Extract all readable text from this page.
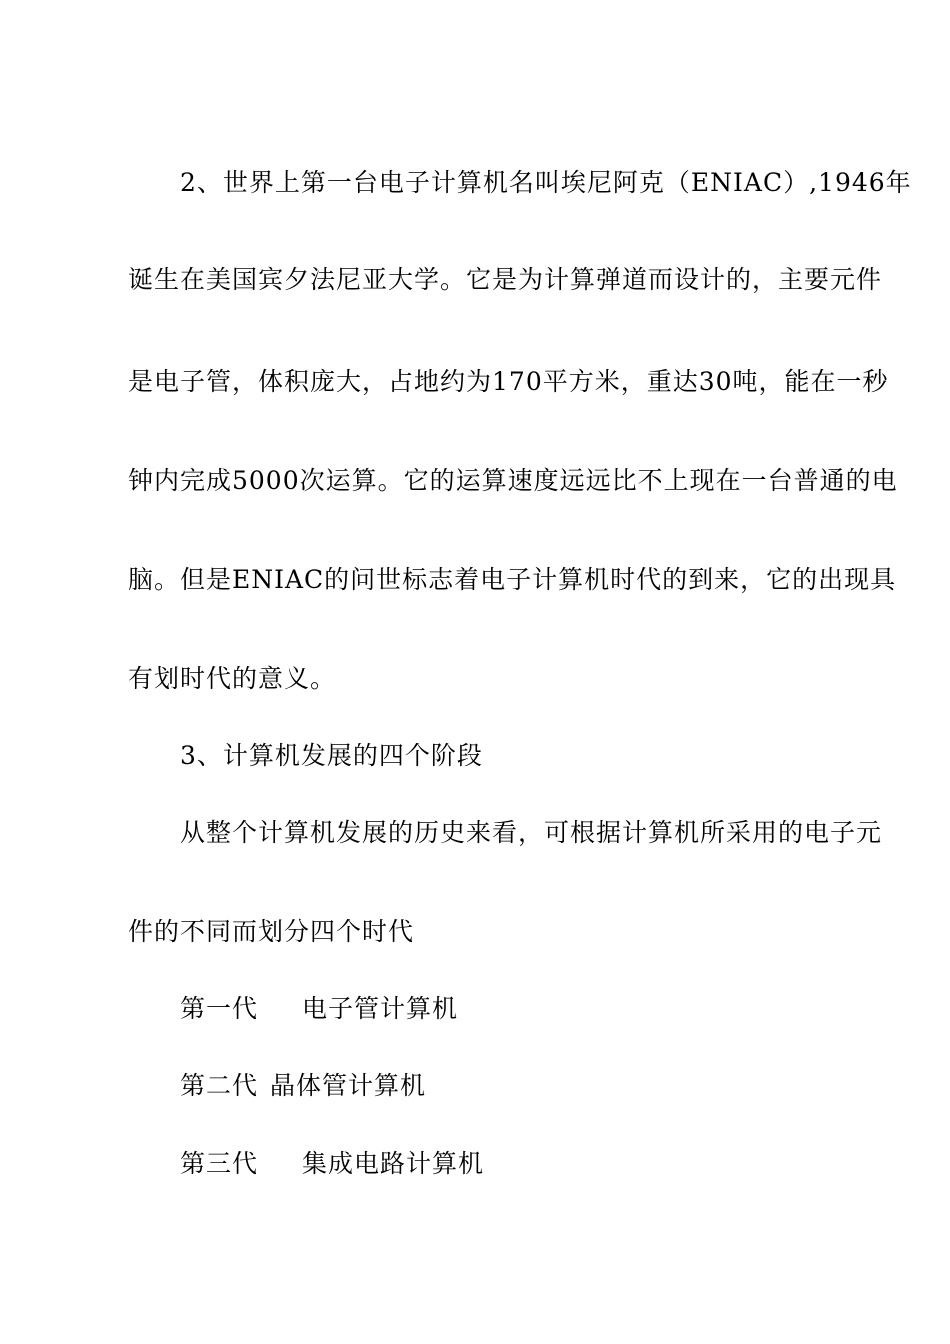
2、世界上第一台电子计算机名叫埃尼阿克（ENIAC）,1946年
诞生在美国宾夕法尼亚大学。它是为计算弹道而设计的，主要元件
是电子管，体积庞大，占地约为170平方米，重达30吨，能在一秒
钟内完成5000次运算。它的运算速度远远比不上现在一台普通的电
脑。但是ENIAC的问世标志着电子计算机时代的到来，它的出现具
有划时代的意义。
3、计算机发展的四个阶段
从整个计算机发展的历史来看，可根据计算机所采用的电子元
件的不同而划分四个时代
第一代 电子管计算机
第二代 晶体管计算机
第三代 集成电路计算机
